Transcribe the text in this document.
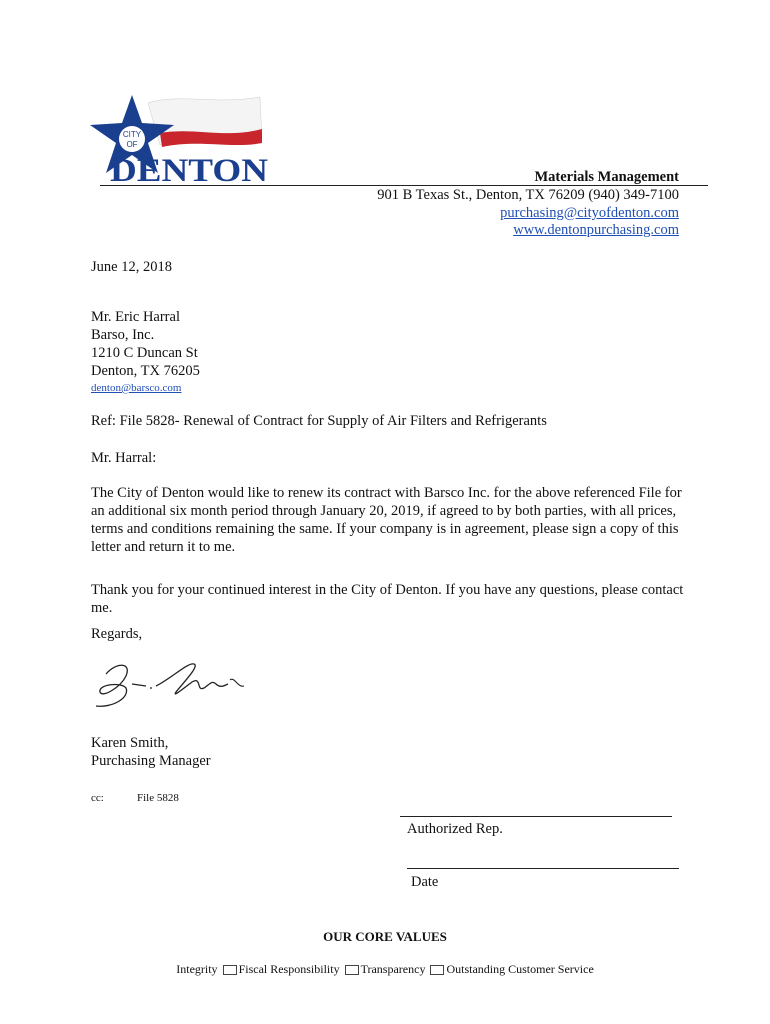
CITY
OF
DENTON	Materials Management
901 B Texas St., Denton, TX 76209 (940) 349-7100
purchasing@cityofdenton.com
www.dentonpurchasing.com
June 12, 2018
Mr. Eric Harral
Barso, Inc.
1210 C Duncan St
Denton, TX 76205
denton@barsco.com
Ref: File 5828- Renewal of Contract for Supply of Air Filters and Refrigerants
Mr. Harral:
The City of Denton would like to renew its contract with Barsco Inc. for the above referenced File for an additional six month period through January 20, 2019, if agreed to by both parties, with all prices, terms and conditions remaining the same. If your company is in agreement, please sign a copy of this letter and return it to me.
Thank you for your continued interest in the City of Denton. If you have any questions, please contact me.
Regards,
Karen Smith,
Purchasing Manager
cc:	File 5828
Authorized Rep.
Date
OUR CORE VALUES
Integrity Fiscal Responsibility Transparency Outstanding Customer Service
